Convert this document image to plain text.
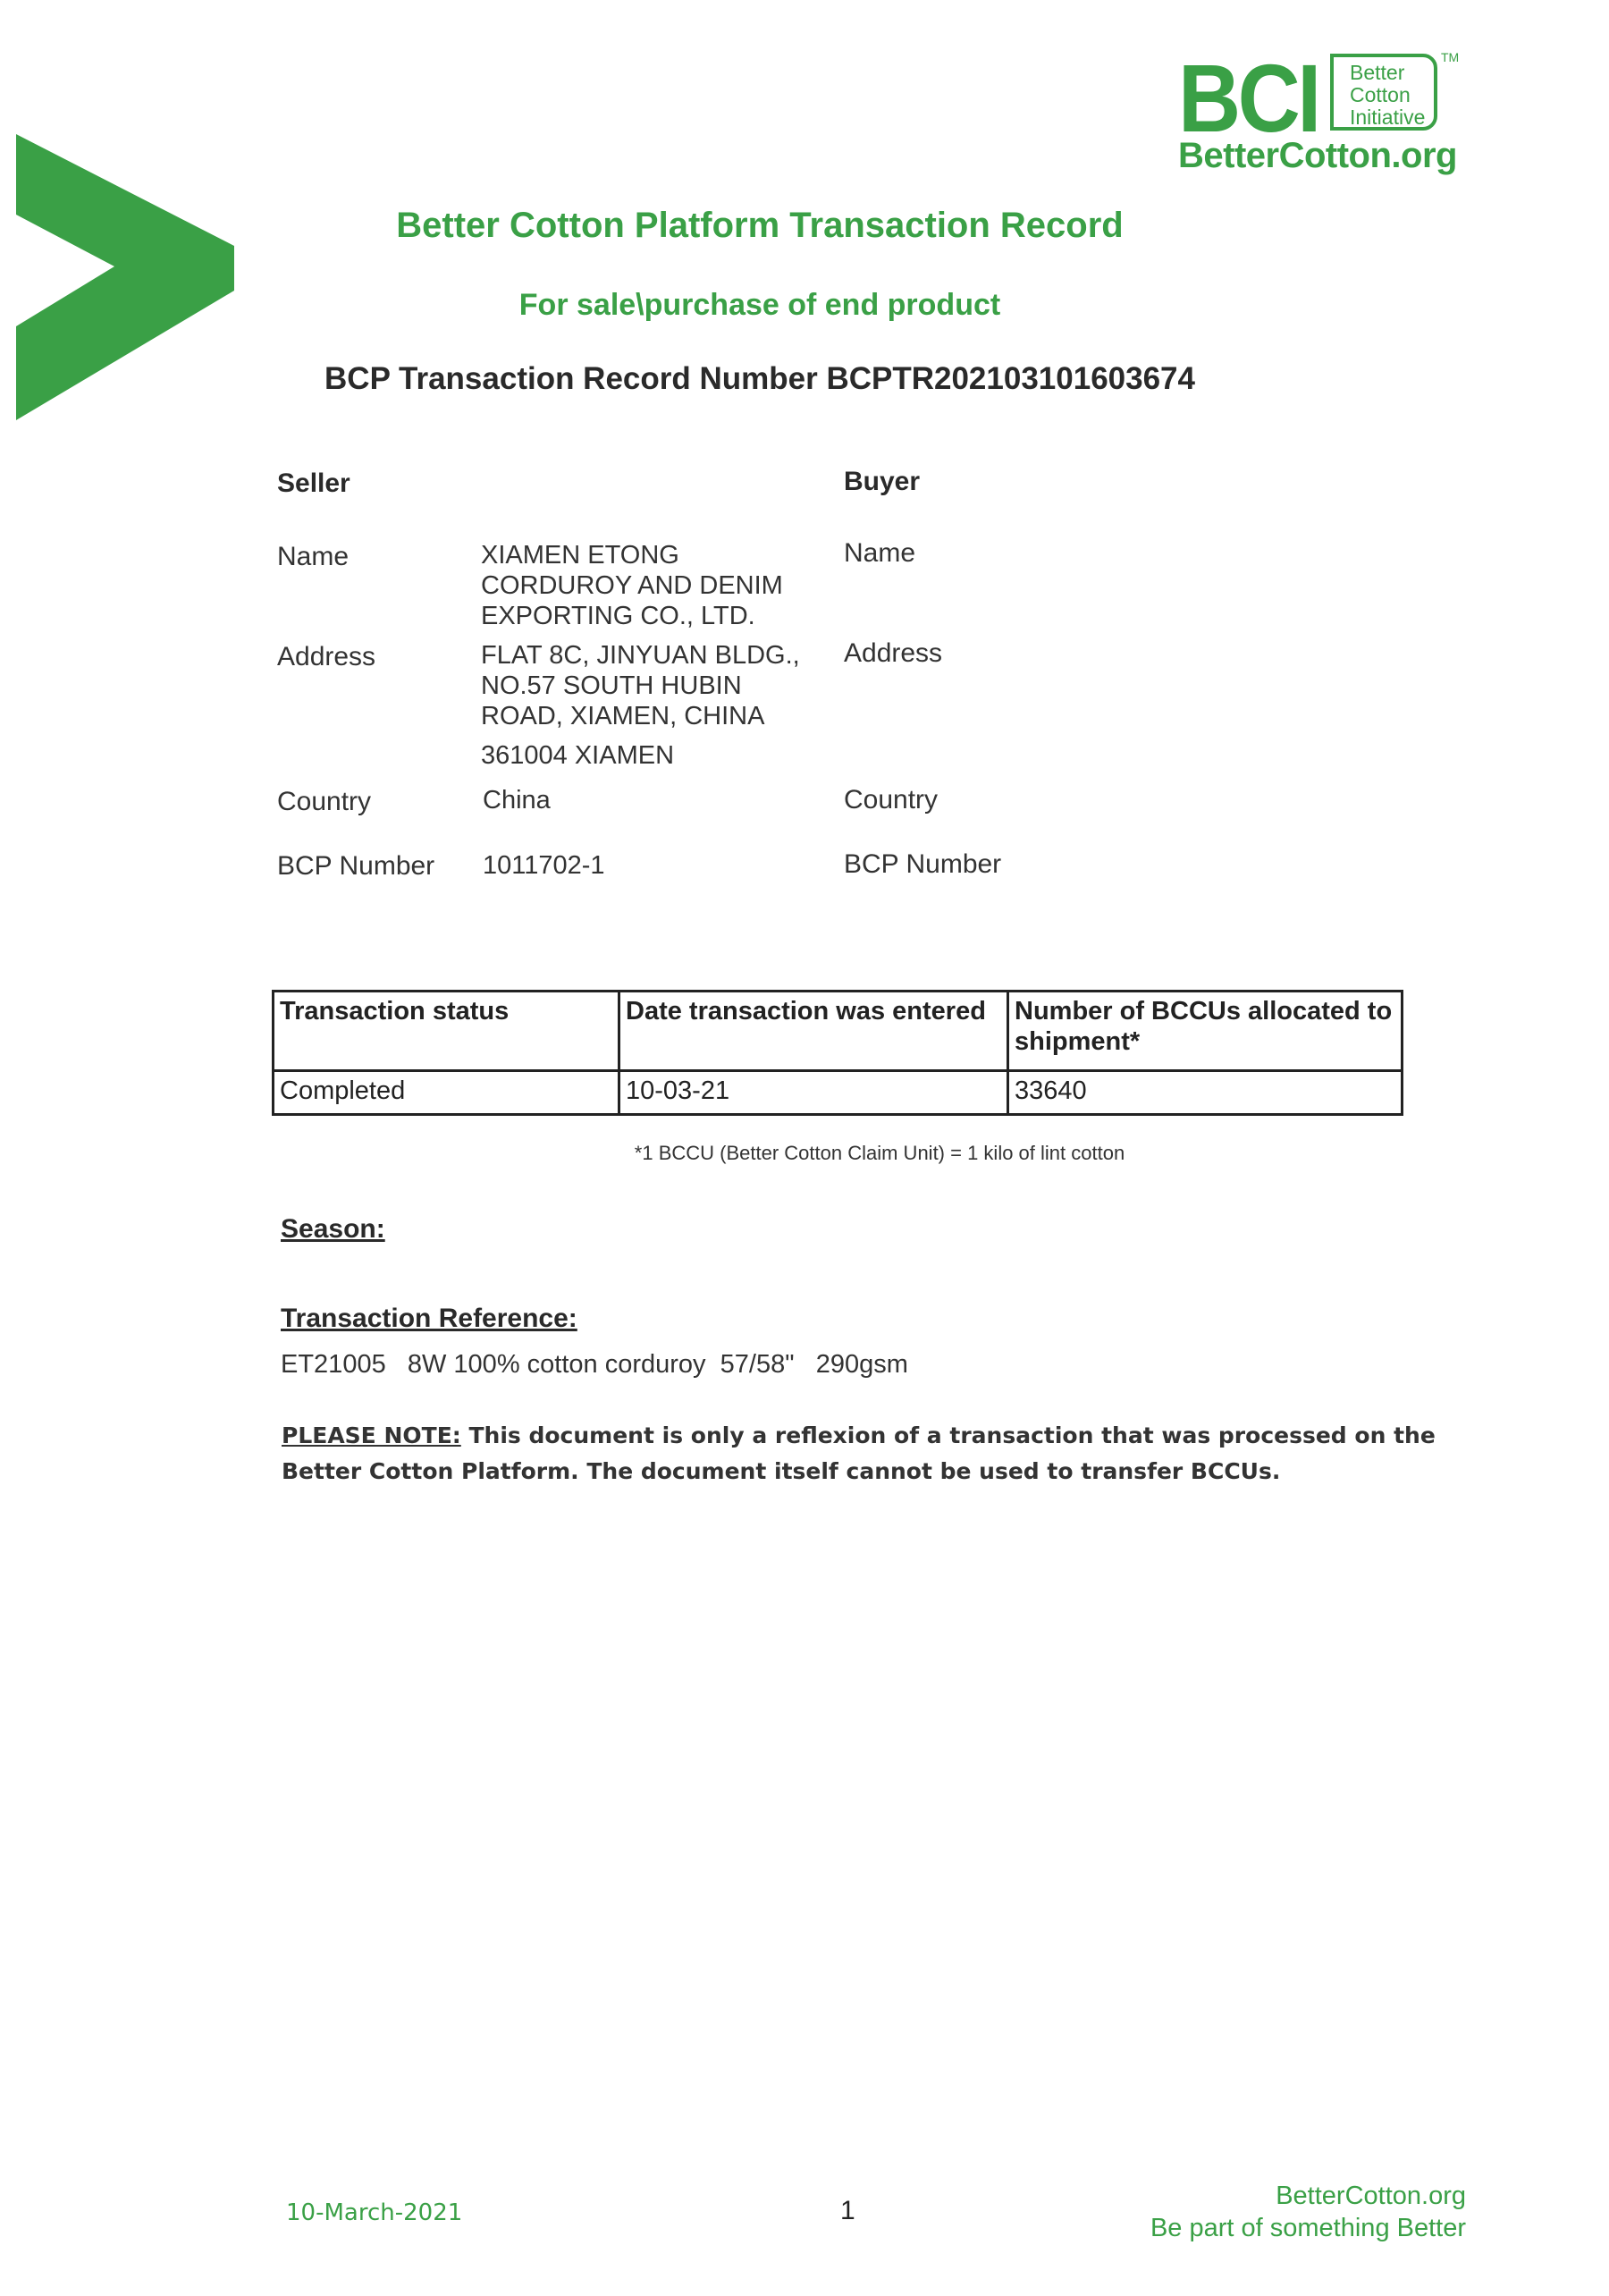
BCI Better
Cotton
Initiative
TM
BetterCotton.org
Better Cotton Platform Transaction Record
For sale\purchase of end product
BCP Transaction Record Number BCPTR202103101603674
Seller
Name	XIAMEN ETONG
CORDUROY AND DENIM
EXPORTING CO., LTD.
Address	FLAT 8C, JINYUAN BLDG.,
NO.57 SOUTH HUBIN
ROAD, XIAMEN, CHINA
361004 XIAMEN
Country	China
BCP Number 1011702-1
Buyer
Name
Address
Country
BCP Number
Transaction status	Date transaction was entered	Number of BCCUs allocated to shipment*
Completed	10-03-21	33640
*1 BCCU (Better Cotton Claim Unit) = 1 kilo of lint cotton
Season:
Transaction Reference:
ET21005   8W 100% cotton corduroy  57/58"   290gsm
PLEASE NOTE: This document is only a reflexion of a transaction that was processed on the Better Cotton Platform. The document itself cannot be used to transfer BCCUs.
10-March-2021	1	BetterCotton.org
Be part of something Better
